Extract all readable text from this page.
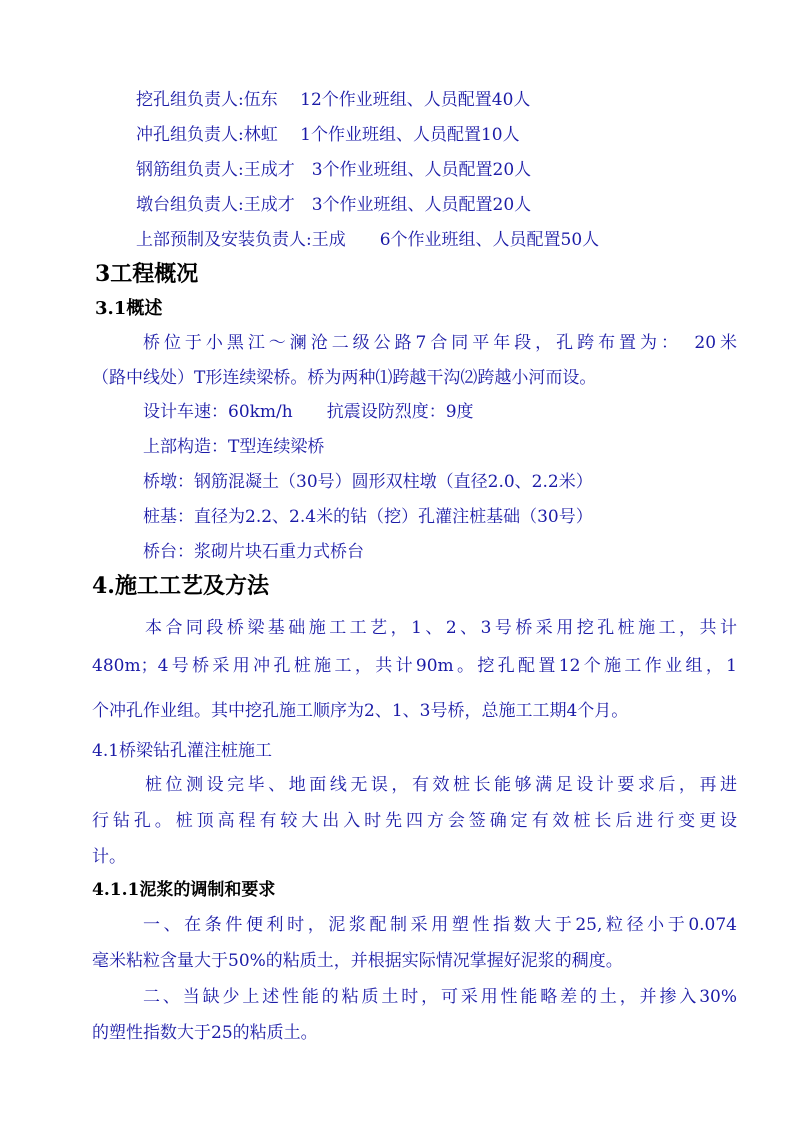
挖孔组负责人:伍东　 12个作业班组、人员配置40人
冲孔组负责人:林虹　 1个作业班组、人员配置10人
钢筋组负责人:王成才　3个作业班组、人员配置20人
墩台组负责人:王成才　3个作业班组、人员配置20人
上部预制及安装负责人:王成　　6个作业班组、人员配置50人
3工程概况
3.1概述
桥位于小黑江～澜沧二级公路7合同平年段，孔跨布置为：　20米
（路中线处）T形连续梁桥。桥为两种⑴跨越干沟⑵跨越小河而设。
设计车速：60km/h　　抗震设防烈度：9度
上部构造：T型连续梁桥
桥墩：钢筋混凝土（30号）圆形双柱墩（直径2.0、2.2米）
桩基：直径为2.2、2.4米的钻（挖）孔灌注桩基础（30号）
桥台：浆砌片块石重力式桥台
4.施工工艺及方法
本合同段桥梁基础施工工艺，1、2、3号桥采用挖孔桩施工，共计
480m；4号桥采用冲孔桩施工，共计90m。挖孔配置12个施工作业组，1
个冲孔作业组。其中挖孔施工顺序为2、1、3号桥，总施工工期4个月。
4.1桥梁钻孔灌注桩施工
桩位测设完毕、地面线无误，有效桩长能够满足设计要求后，再进
行钻孔。桩顶高程有较大出入时先四方会签确定有效桩长后进行变更设
计。
4.1.1泥浆的调制和要求
一、在条件便利时，泥浆配制采用塑性指数大于25,粒径小于0.074
毫米粘粒含量大于50%的粘质土，并根据实际情况掌握好泥浆的稠度。
二、当缺少上述性能的粘质土时，可采用性能略差的土，并掺入30%
的塑性指数大于25的粘质土。
